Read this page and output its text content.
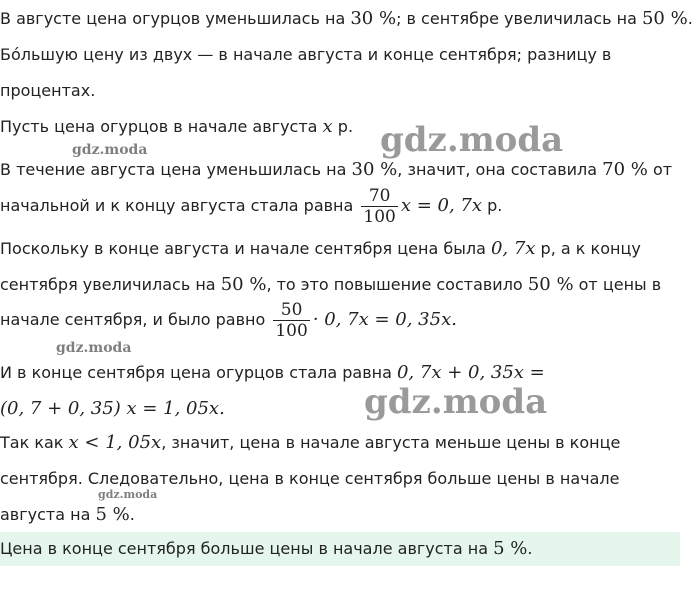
В августе цена огурцов уменьшилась на 30 %; в сентябре увеличилась на 50 %.
Бóльшую цену из двух — в начале августа и конце сентября; разницу в
процентах.
Пусть цена огурцов в начале августа x р.
В течение августа цена уменьшилась на 30 %, значит, она составила 70 % от
начальной и к концу августа стала равна $\frac{70}{100}$ x = 0, 7x р.
Поскольку в конце августа и начале сентября цена была 0, 7x р, а к концу
сентября увеличилась на 50 %, то это повышение составило 50 % от цены в
начале сентября, и было равно $\frac{50}{100} \cdot 0$, 7x = 0, 35x.
И в конце сентября цена огурцов стала равна 0, 7x + 0, 35x =
(0, 7 + 0, 35) x = 1, 05x.
Так как x < 1, 05x, значит, цена в начале августа меньше цены в конце
сентября. Следовательно, цена в конце сентября больше цены в начале
августа на 5 %.
Цена в конце сентября больше цены в начале августа на 5 %.
gdz.moda
gdz.moda
gdz.moda
gdz.moda
gdz.moda
